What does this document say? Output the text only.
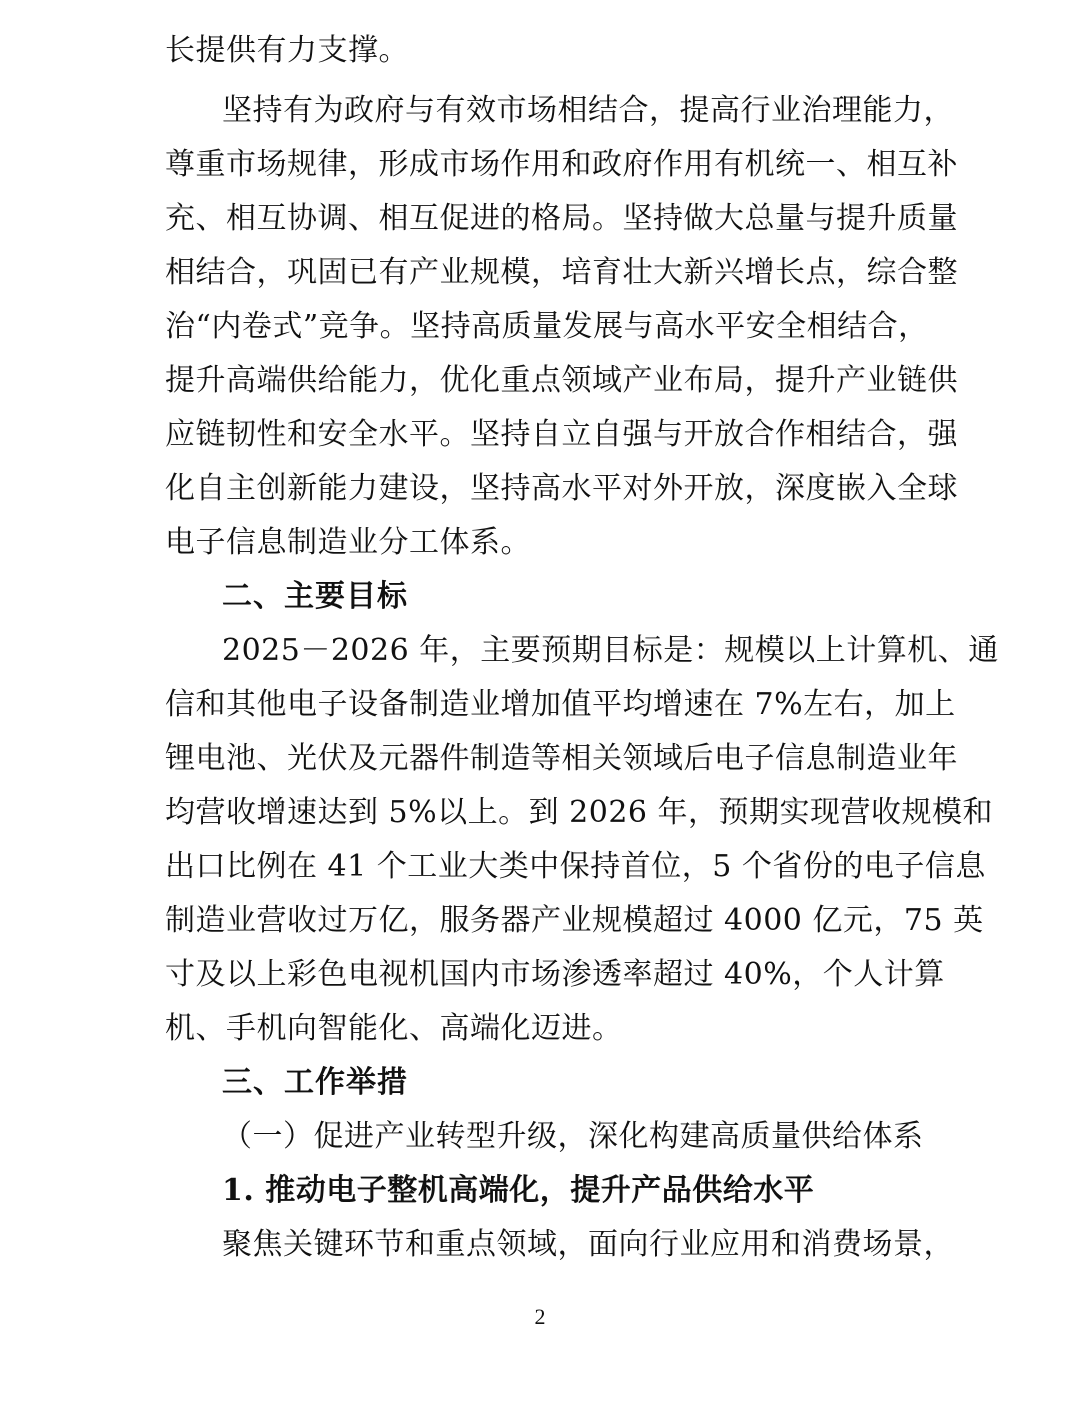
长提供有力支撑。
坚持有为政府与有效市场相结合，提高行业治理能力，
尊重市场规律，形成市场作用和政府作用有机统一、相互补
充、相互协调、相互促进的格局。坚持做大总量与提升质量
相结合，巩固已有产业规模，培育壮大新兴增长点，综合整
治“内卷式”竞争。坚持高质量发展与高水平安全相结合，
提升高端供给能力，优化重点领域产业布局，提升产业链供
应链韧性和安全水平。坚持自立自强与开放合作相结合，强
化自主创新能力建设，坚持高水平对外开放，深度嵌入全球
电子信息制造业分工体系。
二、主要目标
2025－2026 年，主要预期目标是：规模以上计算机、通
信和其他电子设备制造业增加值平均增速在 7%左右，加上
锂电池、光伏及元器件制造等相关领域后电子信息制造业年
均营收增速达到 5%以上。到 2026 年，预期实现营收规模和
出口比例在 41 个工业大类中保持首位，5 个省份的电子信息
制造业营收过万亿，服务器产业规模超过 4000 亿元，75 英
寸及以上彩色电视机国内市场渗透率超过 40%，个人计算
机、手机向智能化、高端化迈进。
三、工作举措
（一）促进产业转型升级，深化构建高质量供给体系
1. 推动电子整机高端化，提升产品供给水平
聚焦关键环节和重点领域，面向行业应用和消费场景，
2
